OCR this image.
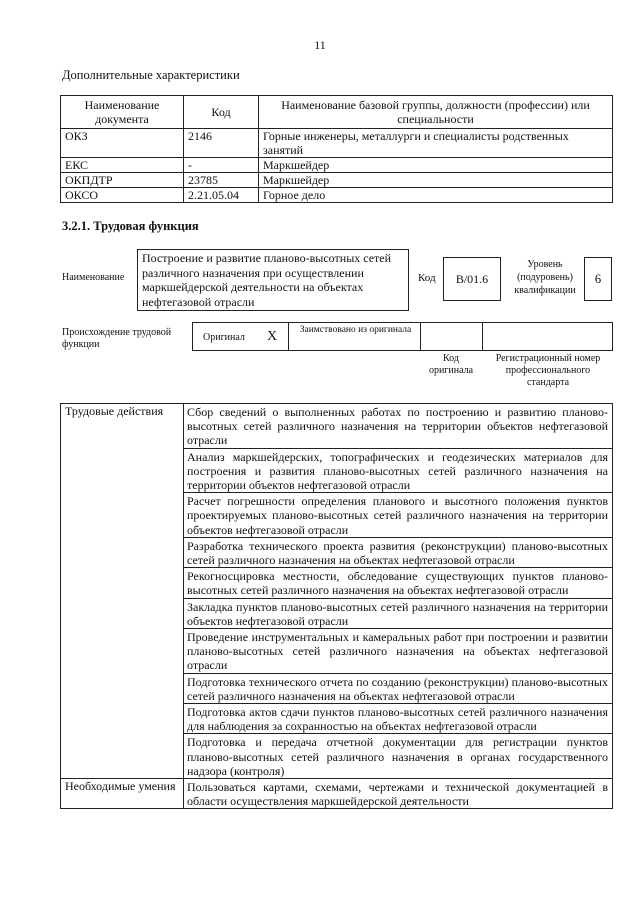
11
Дополнительные характеристики
Наименование документа	Код	Наименование базовой группы, должности (профессии) или специальности
ОКЗ	2146	Горные инженеры, металлурги и специалисты родственных занятий
ЕКС	-	Маркшейдер
ОКПДТР	23785	Маркшейдер
ОКСО	2.21.05.04	Горное дело
3.2.1. Трудовая функция
Наименование
Построение и развитие планово-высотных сетей различного назначения при осуществлении маркшейдерской деятельности на объектах нефтегазовой отрасли
Код	B/01.6
Уровень (подуровень) квалификации
6
Происхождение трудовой функции
Оригинал X	Заимствовано из оригинала
Код оригинала
Регистрационный номер профессионального стандарта
Трудовые действия	Сбор сведений о выполненных работах по построению и развитию планово-высотных сетей различного назначения на территории объектов нефтегазовой отрасли
	Анализ маркшейдерских, топографических и геодезических материалов для построения и развития планово-высотных сетей различного назначения на территории объектов нефтегазовой отрасли
	Расчет погрешности определения планового и высотного положения пунктов проектируемых планово-высотных сетей различного назначения на территории объектов нефтегазовой отрасли
	Разработка технического проекта развития (реконструкции) планово-высотных сетей различного назначения на объектах нефтегазовой отрасли
	Рекогносцировка местности, обследование существующих пунктов планово-высотных сетей различного назначения на объектах нефтегазовой отрасли
	Закладка пунктов планово-высотных сетей различного назначения на территории объектов нефтегазовой отрасли
	Проведение инструментальных и камеральных работ при построении и развитии планово-высотных сетей различного назначения на объектах нефтегазовой отрасли
	Подготовка технического отчета по созданию (реконструкции) планово-высотных сетей различного назначения на объектах нефтегазовой отрасли
	Подготовка актов сдачи пунктов планово-высотных сетей различного назначения для наблюдения за сохранностью на объектах нефтегазовой отрасли
	Подготовка и передача отчетной документации для регистрации пунктов планово-высотных сетей различного назначения в органах государственного надзора (контроля)
Необходимые умения	Пользоваться картами, схемами, чертежами и технической документацией в области осуществления маркшейдерской деятельности
